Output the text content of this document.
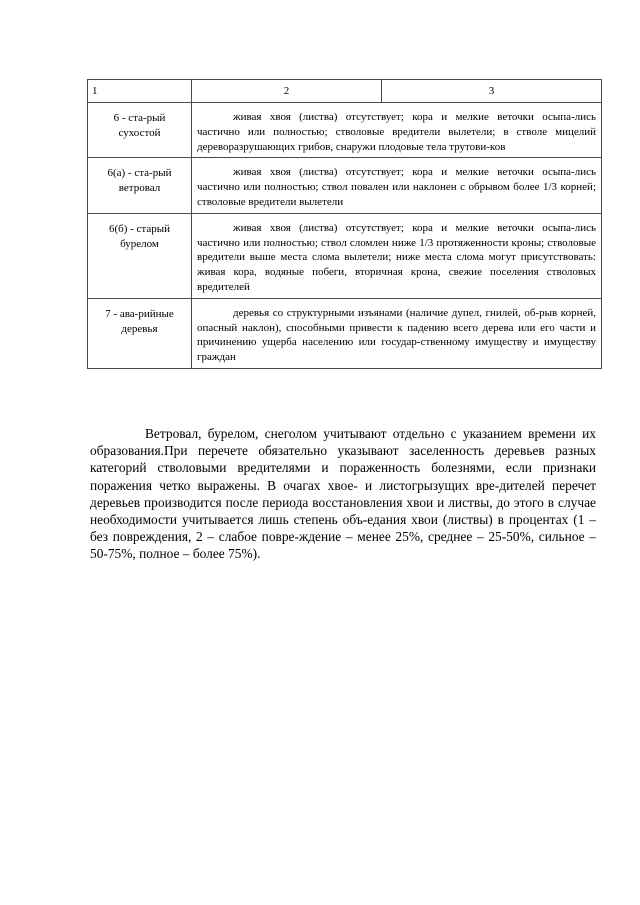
1	2	3
6 - ста-рый сухостой	живая хвоя (листва) отсутствует; кора и мелкие веточки осыпа-лись частично или полностью; стволовые вредители вылетели; в стволе мицелий дереворазрушающих грибов, снаружи плодовые тела трутови-ков	
6(а) - ста-рый ветровал	живая хвоя (листва) отсутствует; кора и мелкие веточки осыпа-лись частично или полностью; ствол повален или наклонен с обрывом более 1/3 корней; стволовые вредители вылетели	
6(б) - старый бурелом	живая хвоя (листва) отсутствует; кора и мелкие веточки осыпа-лись частично или полностью; ствол сломлен ниже 1/3 протяженности кроны; стволовые вредители выше места слома вылетели; ниже места слома могут присутствовать: живая кора, водяные побеги, вторичная крона, свежие поселения стволовых вредителей	
7 - ава-рийные деревья	деревья со структурными изъянами (наличие дупел, гнилей, об-рыв корней, опасный наклон), способными привести к падению всего дерева или его части и причинению ущерба населению или государ-ственному имуществу и имуществу граждан	

Ветровал, бурелом, снеголом учитывают отдельно с указанием времени их образования.При перечете обязательно указывают заселенность деревьев разных категорий стволовыми вредителями и пораженность болезнями, если признаки поражения четко выражены. В очагах хвое- и листогрызущих вре-дителей перечет деревьев производится после периода восстановления хвои и листвы, до этого в случае необходимости учитывается лишь степень объ-едания хвои (листвы) в процентах (1 – без повреждения, 2 – слабое повре-ждение – менее 25%, среднее – 25-50%, сильное – 50-75%, полное – более 75%).
